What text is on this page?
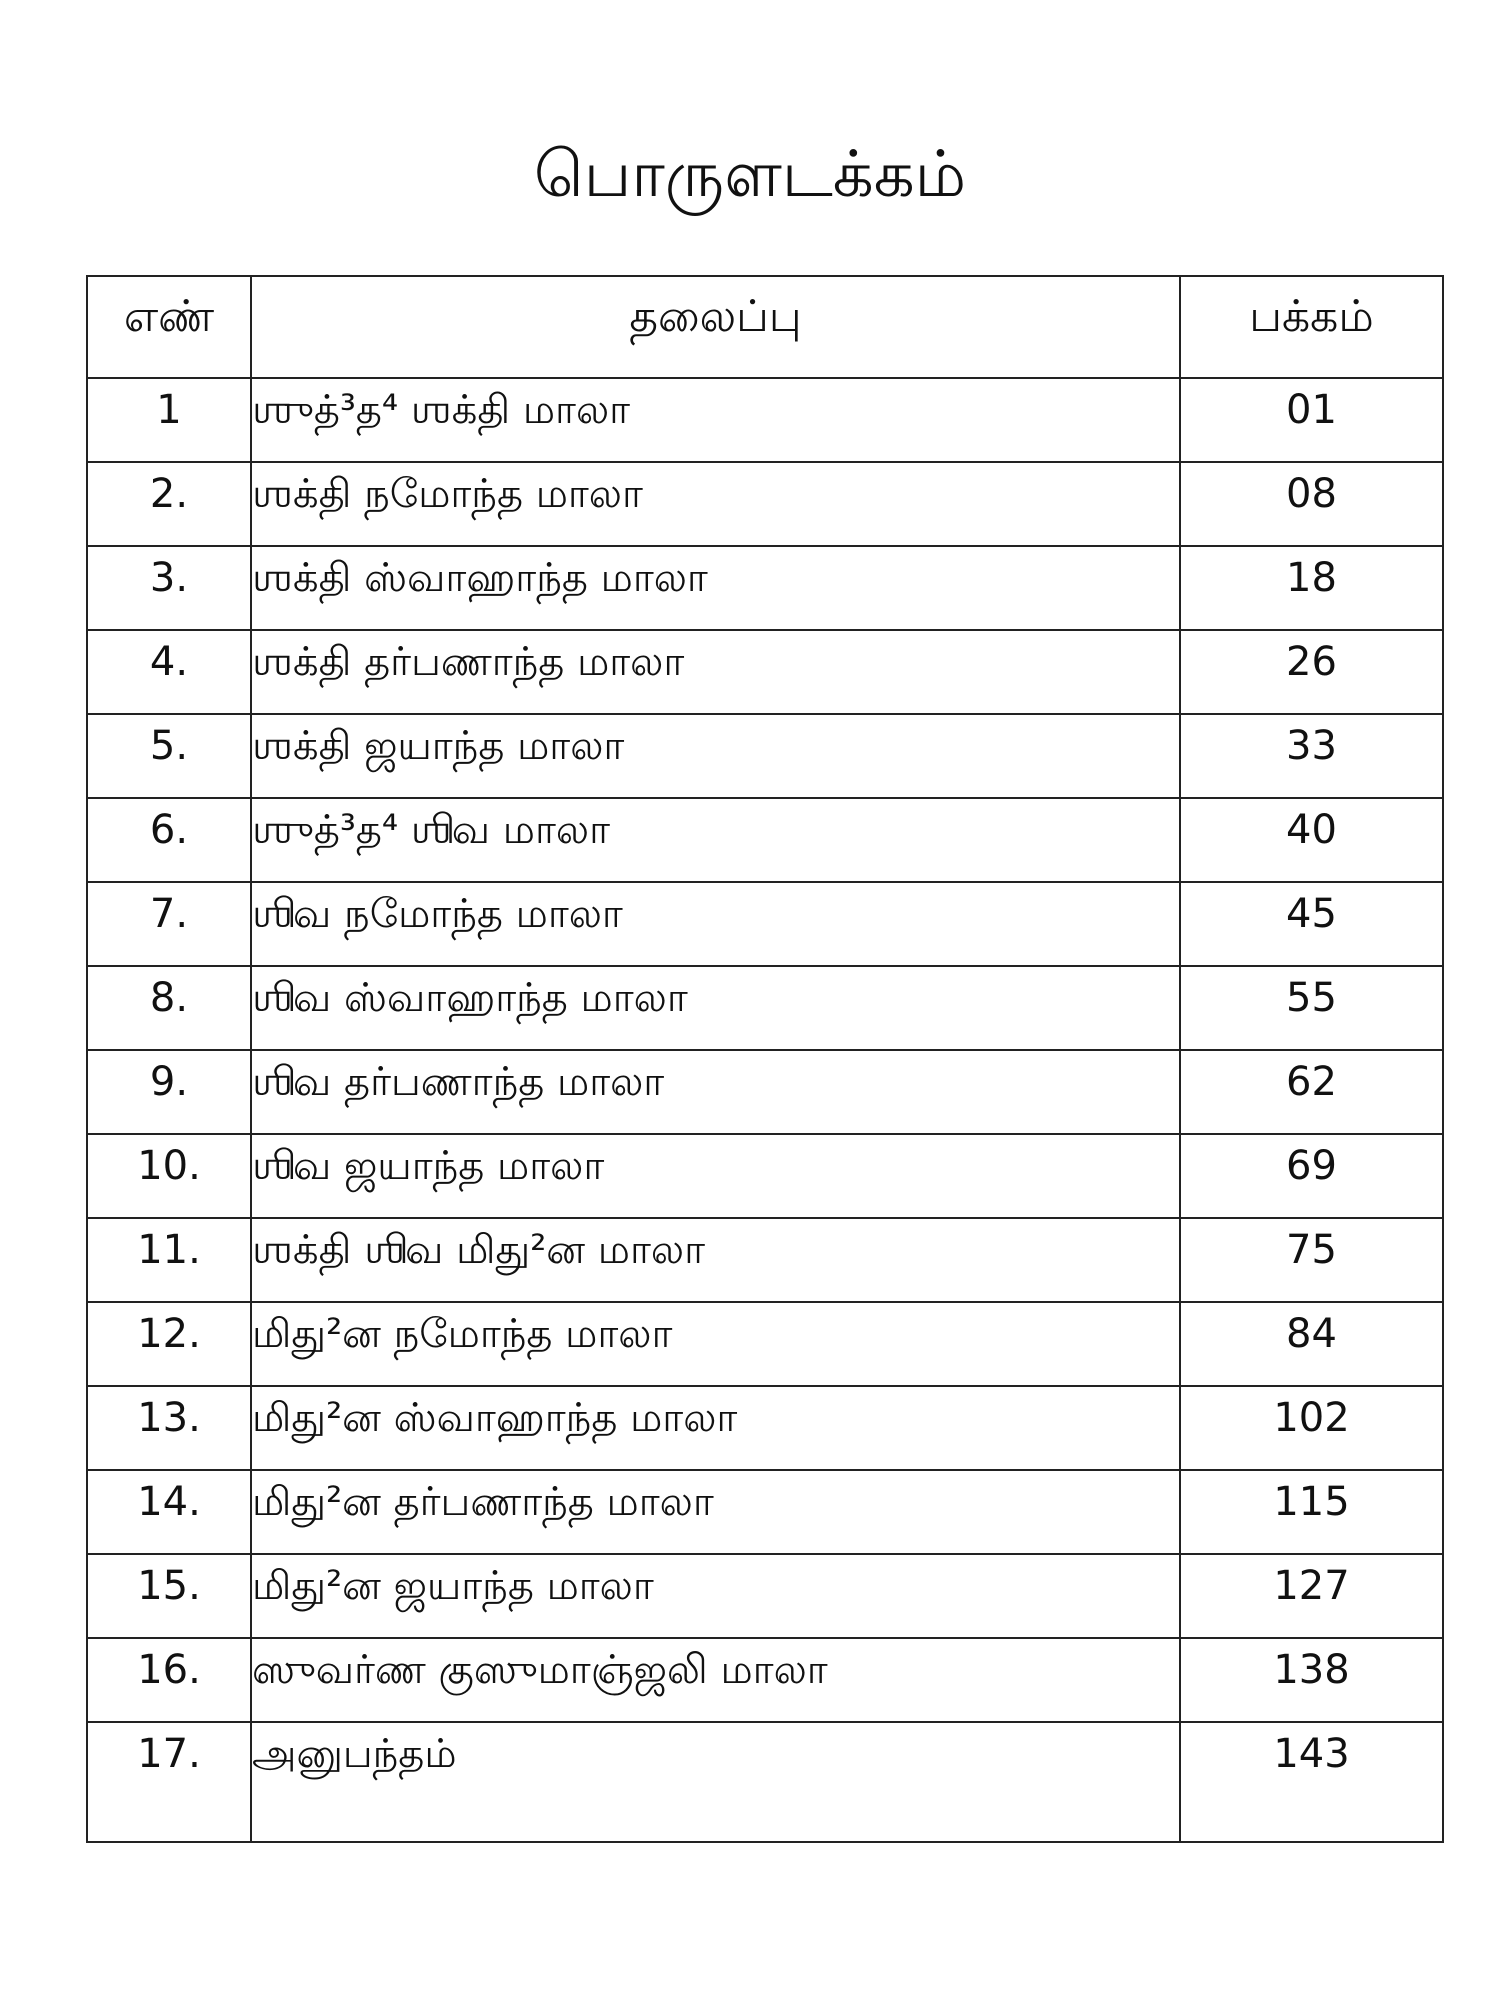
பொருளடக்கம்
எண்	தலைப்பு	பக்கம்
1	ஶுத்³த⁴ ஶக்தி மாலா	01
2.	ஶக்தி நமோந்த மாலா	08
3.	ஶக்தி ஸ்வாஹாந்த மாலா	18
4.	ஶக்தி தர்பணாந்த மாலா	26
5.	ஶக்தி ஜயாந்த மாலா	33
6.	ஶுத்³த⁴ ஶிவ மாலா	40
7.	ஶிவ நமோந்த மாலா	45
8.	ஶிவ ஸ்வாஹாந்த மாலா	55
9.	ஶிவ தர்பணாந்த மாலா	62
10.	ஶிவ ஜயாந்த மாலா	69
11.	ஶக்தி ஶிவ மிது²ன மாலா	75
12.	மிது²ன நமோந்த மாலா	84
13.	மிது²ன ஸ்வாஹாந்த மாலா	102
14.	மிது²ன தர்பணாந்த மாலா	115
15.	மிது²ன ஜயாந்த மாலா	127
16.	ஸுவர்ண குஸுமாஞ்ஜலி மாலா	138
17.	அனுபந்தம்	143
